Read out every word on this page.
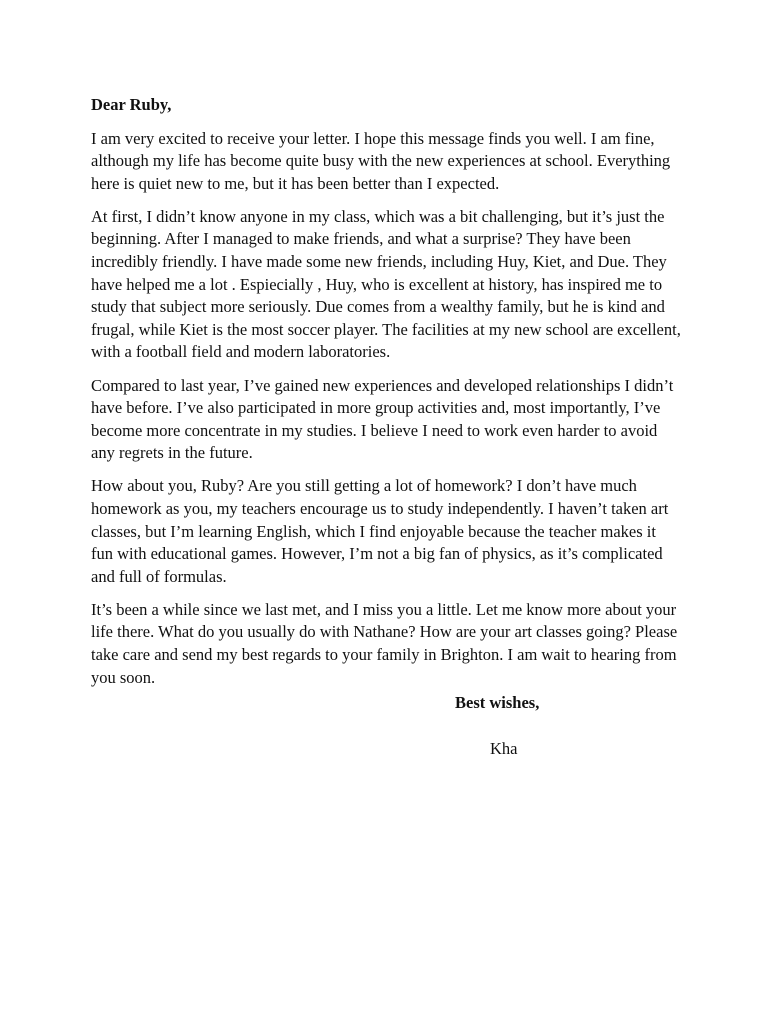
Dear Ruby,

I am very excited to receive your letter. I hope this message finds you well. I am fine, although my life has become quite busy with the new experiences at school. Everything here is quiet new to me, but it has been better than I expected.

At first, I didn’t know anyone in my class, which was a bit challenging, but it’s just the beginning. After I managed to make friends, and what a surprise? They have been incredibly friendly. I have made some new friends, including Huy, Kiet, and Due. They have helped me a lot . Espiecially , Huy, who is excellent at history, has inspired me to study that subject more seriously. Due comes from a wealthy family, but he is kind and frugal, while Kiet is the most soccer player. The facilities at my new school are excellent, with a football field and modern laboratories.

Compared to last year, I’ve gained new experiences and developed relationships I didn’t have before. I’ve also participated in more group activities and, most importantly, I’ve become more concentrate in my studies. I believe I need to work even harder to avoid any regrets in the future.

How about you, Ruby? Are you still getting a lot of homework? I don’t have much homework as you, my teachers encourage us to study independently. I haven’t taken art classes, but I’m learning English, which I find enjoyable because the teacher makes it fun with educational games. However, I’m not a big fan of physics, as it’s complicated and full of formulas.

It’s been a while since we last met, and I miss you a little. Let me know more about your life there. What do you usually do with Nathane? How are your art classes going? Please take care and send my best regards to your family in Brighton. I am wait to hearing from you soon.

Best wishes,
Kha
